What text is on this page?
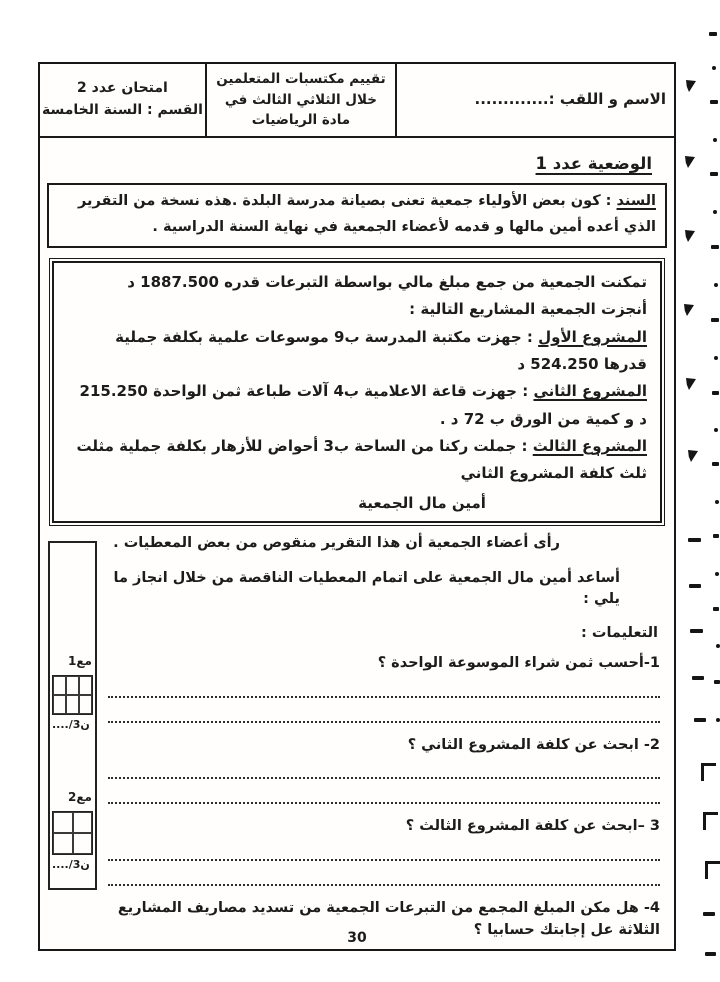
الاسم و اللقب :.............
تقييم مكتسبات المتعلمين خلال الثلاثي الثالث في مادة الرياضيات
امتحان عدد 2
القسم : السنة الخامسة
الوضعية عدد 1
السند : كون بعض الأولياء جمعية تعنى بصيانة مدرسة البلدة .هذه نسخة من التقرير الذي أعده أمين مالها و قدمه لأعضاء الجمعية في نهاية السنة الدراسية .
تمكنت الجمعية من جمع مبلغ مالي بواسطة التبرعات قدره 1887.500 د
أنجزت الجمعية المشاريع التالية :
المشروع الأول : جهزت مكتبة المدرسة ب9 موسوعات علمية بكلفة جملية قدرها 524.250 د
المشروع الثاني : جهزت قاعة الاعلامية ب4 آلات طباعة ثمن الواحدة 215.250 د و كمية من الورق ب 72 د .
المشروع الثالث : جملت ركنا من الساحة ب3 أحواض للأزهار بكلفة جملية مثلت ثلث كلفة المشروع الثاني
أمين مال الجمعية
رأى أعضاء الجمعية أن هذا التقرير منقوص من بعض المعطيات .
أساعد أمين مال الجمعية على اتمام المعطيات الناقصة من خلال انجاز ما يلي :
التعليمات :
1-أحسب ثمن شراء الموسوعة الواحدة ؟
2- ابحث عن كلفة المشروع الثاني ؟
3 –ابحث عن كلفة المشروع الثالث ؟
4- هل مكن المبلغ المجمع من التبرعات الجمعية من تسديد مصاريف المشاريع الثلاثة عل إجابتك حسابيا ؟
مع1
..../3ن
مع2
..../3ن
30
